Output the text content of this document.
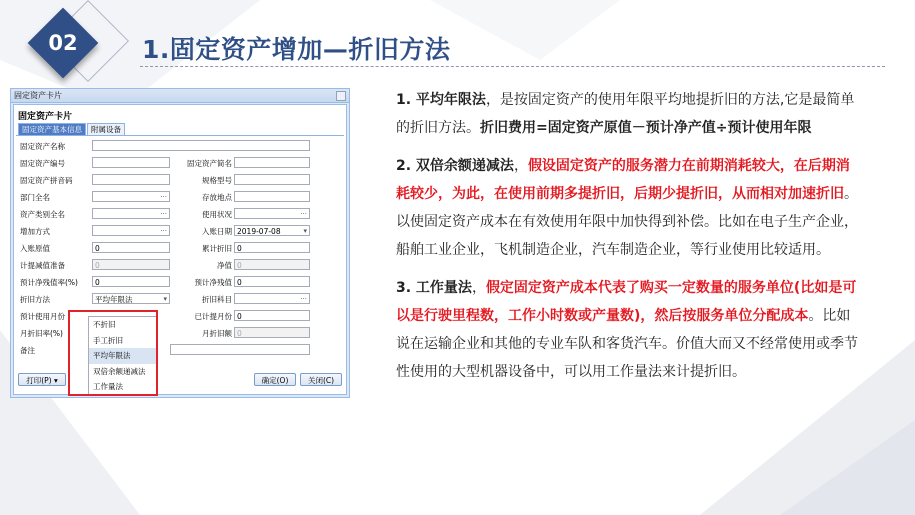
02	1.固定资产增加—折旧方法
固定资产卡片
固定资产卡片
固定资产基本信息 附属设备
固定资产名称
固定资产编号	固定资产简名
固定资产拼音码	规格型号
部门全名	···	存放地点
资产类别全名	···	使用状况	···
增加方式	···	入账日期 2019-07-08	▾
入账原值	0	累计折旧 0
计提减值准备	0	净值 0
预计净残值率(%)	0	预计净残值 0
折旧方法	平均年限法	▾	折旧科目	···
预计使用月份	已计提月份 0
月折旧率(%)	月折旧额 0
备注
打印(P) ▾	确定(O)	关闭(C)
不折旧
手工折旧
平均年限法
双倍余额递减法
工作量法

1. 平均年限法，是按固定资产的使用年限平均地提折旧的方法,它是最简单的折旧方法。折旧费用=固定资产原值－预计净产值÷预计使用年限

2. 双倍余额递减法，假设固定资产的服务潜力在前期消耗较大，在后期消耗较少，为此，在使用前期多提折旧，后期少提折旧，从而相对加速折旧。以使固定资产成本在有效使用年限中加快得到补偿。比如在电子生产企业，船舶工业企业，飞机制造企业，汽车制造企业，等行业使用比较适用。

3. 工作量法，假定固定资产成本代表了购买一定数量的服务单位(比如是可以是行驶里程数，工作小时数或产量数)，然后按服务单位分配成本。比如说在运输企业和其他的专业车队和客货汽车。价值大而又不经常使用或季节性使用的大型机器设备中，可以用工作量法来计提折旧。
